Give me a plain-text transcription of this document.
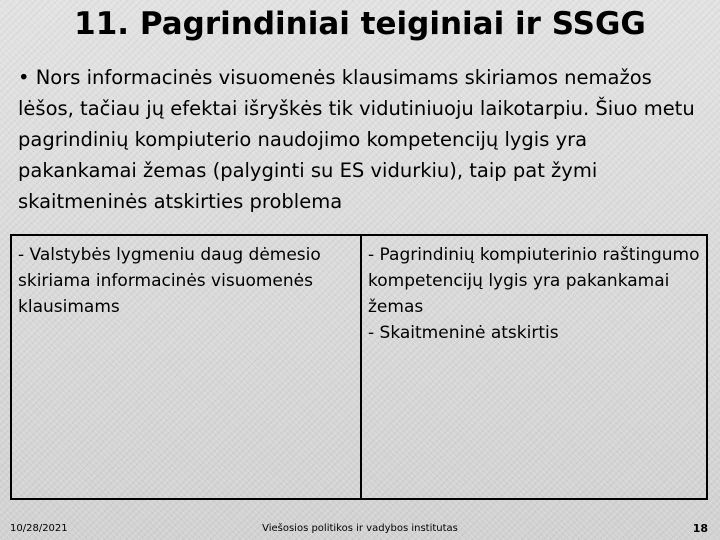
11. Pagrindiniai teiginiai ir SSGG

• Nors informacinės visuomenės klausimams skiriamos nemažos lėšos, tačiau jų efektai išryškės tik vidutiniuoju laikotarpiu. Šiuo metu pagrindinių kompiuterio naudojimo kompetencijų lygis yra pakankamai žemas (palyginti su ES vidurkiu), taip pat žymi skaitmeninės atskirties problema

- Valstybės lygmeniu daug dėmesio skiriama informacinės visuomenės klausimams

- Pagrindinių kompiuterinio raštingumo kompetencijų lygis yra pakankamai žemas

- Skaitmeninė atskirtis

10/28/2021	Viešosios politikos ir vadybos institutas	18
